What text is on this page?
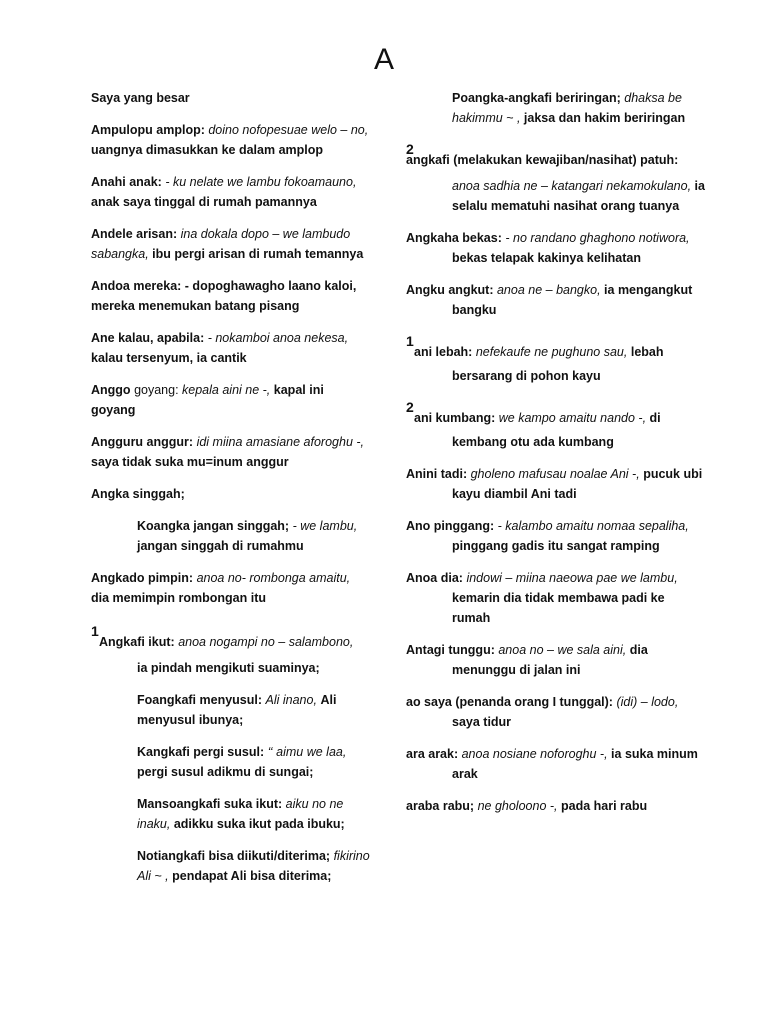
A
Saya yang besar
Ampulopu amplop: doino nofopesuae welo – no, uangnya dimasukkan ke dalam amplop
Anahi anak: - ku nelate we lambu fokoamauno, anak saya tinggal di rumah pamannya
Andele arisan: ina dokala dopo – we lambudo sabangka, ibu pergi arisan di rumah temannya
Andoa mereka: - dopoghawagho laano kaloi, mereka menemukan batang pisang
Ane kalau, apabila: - nokamboi anoa nekesa, kalau tersenyum, ia cantik
Anggo goyang: kepala aini ne -, kapal ini goyang
Angguru anggur: idi miina amasiane aforoghu -, saya tidak suka mu=inum anggur
Angka singgah;
Koangka jangan singgah; - we lambu, jangan singgah di rumahmu
Angkado pimpin: anoa no- rombonga amaitu, dia memimpin rombongan itu
1
Angkafi ikut: anoa nogampi no – salambono,
ia pindah mengikuti suaminya;
Foangkafi menyusul: Ali inano, Ali menyusul ibunya;
Kangkafi pergi susul: ‘‘ aimu we laa, pergi susul adikmu di sungai;
Mansoangkafi suka ikut: aiku no ne inaku, adikku suka ikut pada ibuku;
Notiangkafi bisa diikuti/diterima; fikirino Ali ~ , pendapat Ali bisa diterima;
Poangka-angkafi beriringan; dhaksa be hakimmu ~ , jaksa dan hakim beriringan
2
angkafi (melakukan kewajiban/nasihat) patuh:
anoa sadhia ne – katangari nekamokulano, ia selalu mematuhi nasihat orang tuanya
Angkaha bekas: - no randano ghaghono notiwora, bekas telapak kakinya kelihatan
Angku angkut: anoa ne – bangko, ia mengangkut bangku
1
ani lebah: nefekaufe ne pughuno sau, lebah
bersarang di pohon kayu
2
ani kumbang: we kampo amaitu nando -, di
kembang otu ada kumbang
Anini tadi: gholeno mafusau noalae Ani -, pucuk ubi kayu diambil Ani tadi
Ano pinggang: - kalambo amaitu nomaa sepaliha, pinggang gadis itu sangat ramping
Anoa dia: indowi – miina naeowa pae we lambu, kemarin dia tidak membawa padi ke rumah
Antagi tunggu: anoa no – we sala aini, dia menunggu di jalan ini
ao saya (penanda orang I tunggal): (idi) – lodo, saya tidur
ara arak: anoa nosiane noforoghu -, ia suka minum arak
araba rabu; ne gholoono -, pada hari rabu
